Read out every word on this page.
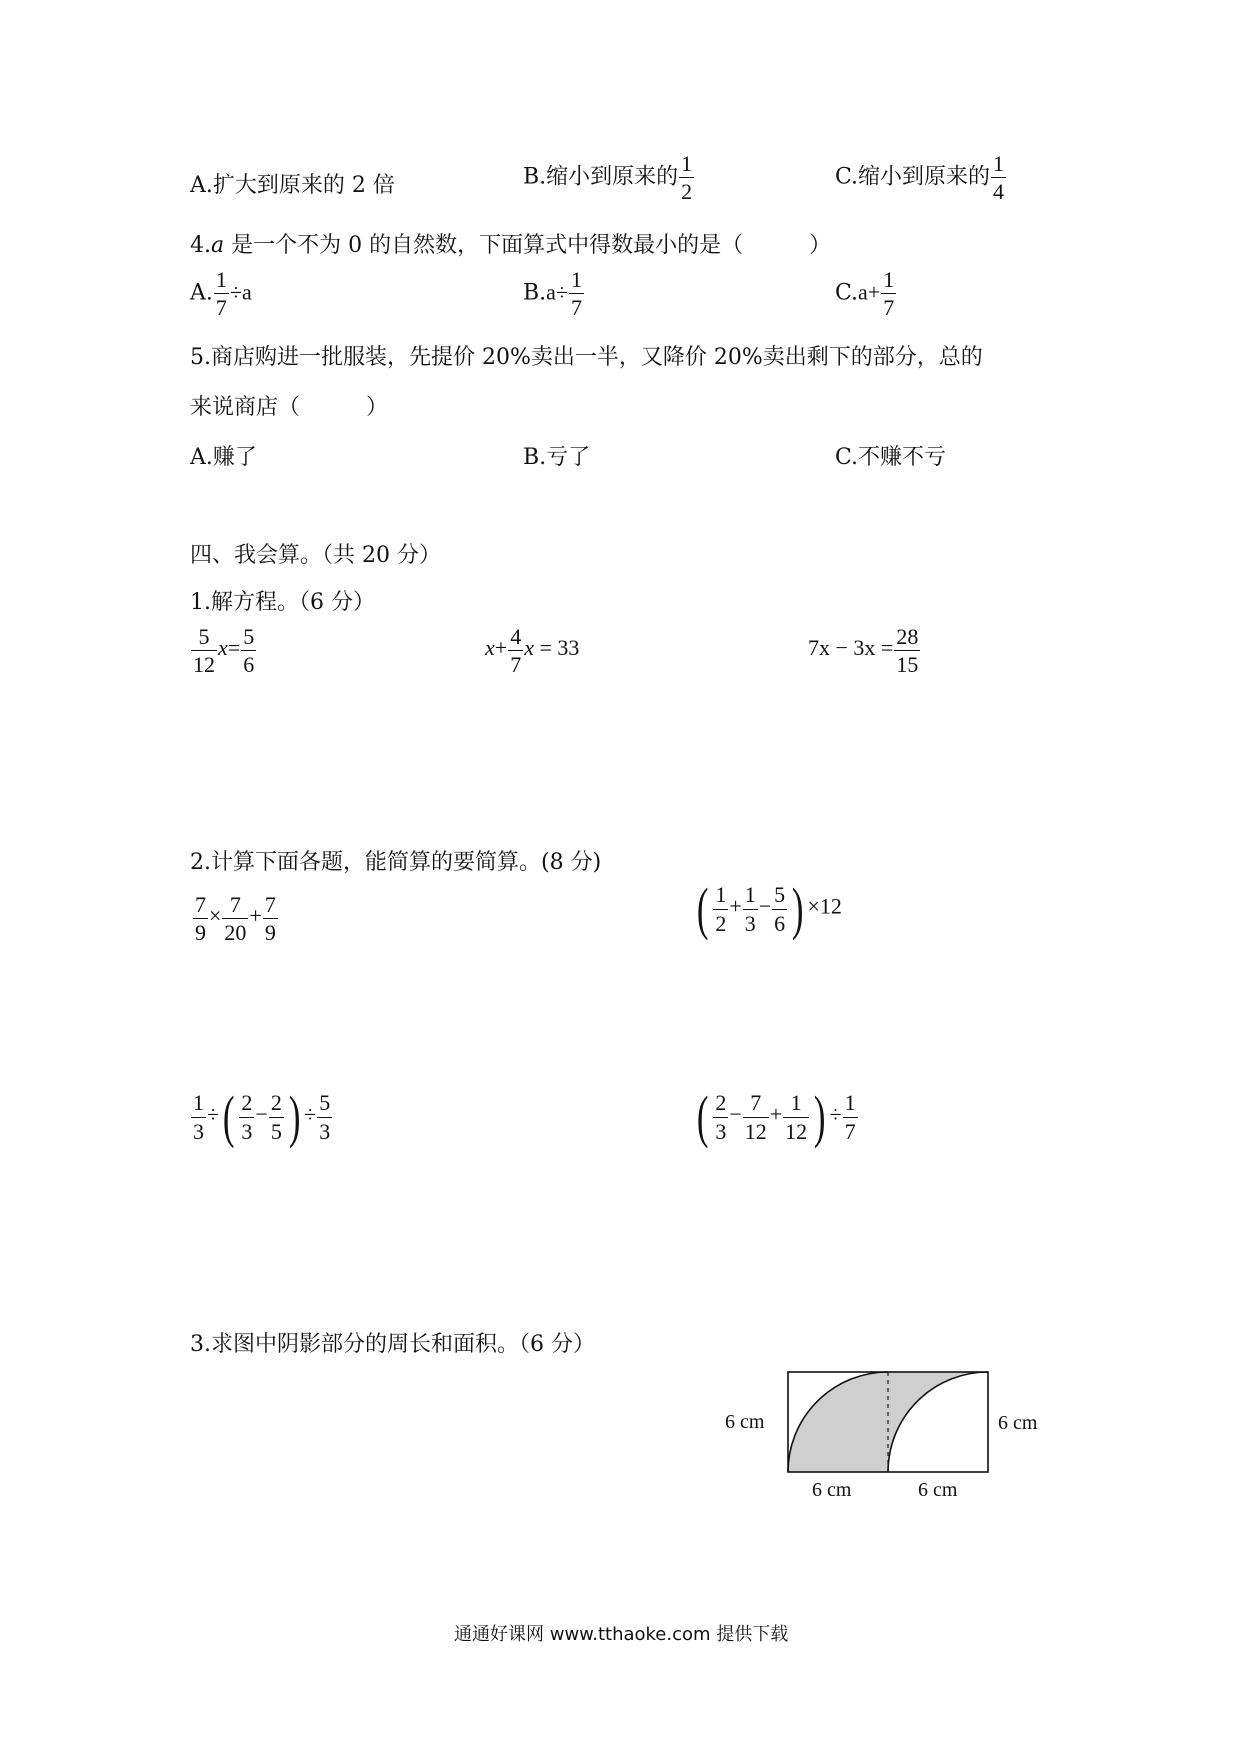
A.扩大到原来的 2 倍	B.缩小到原来的 $\frac{1}{2}$	C.缩小到原来的 $\frac{1}{4}$
4.a 是一个不为 0 的自然数，下面算式中得数最小的是（　　　）
A. $\frac{1}{7} \div a$	$B.a\div \frac{1}{7}$	$C.a+ \frac{1}{7}$
5.商店购进一批服装，先提价 20%卖出一半，又降价 20%卖出剩下的部分，总的
来说商店（　　　）
A.赚了	B.亏了	C.不赚不亏
四、我会算。（共 20 分）
1.解方程。（6 分）
$\frac{5}{12} x= \frac{5}{6}$	$x+ \frac{4}{7}$ x = 33	$7x - 3x = \frac{28}{15}$
2.计算下面各题，能简算的要简算。(8 分)
$\frac{7}{9} \times \frac{7}{20} + \frac{7}{9}$	( $\frac{1}{2} + \frac{1}{3} - \frac{5}{6}$ ) ×12
$\frac{1}{3}$ ÷( $\frac{2}{3} - \frac{2}{5}$ ) ÷ $\frac{5}{3}$	( $\frac{2}{3} - \frac{7}{12} + \frac{1}{12}$ ) ÷ $\frac{1}{7}$
3.求图中阴影部分的周长和面积。（6 分）
6 cm	6 cm
6 cm	6 cm
通通好课网 www.tthaoke.com 提供下载
